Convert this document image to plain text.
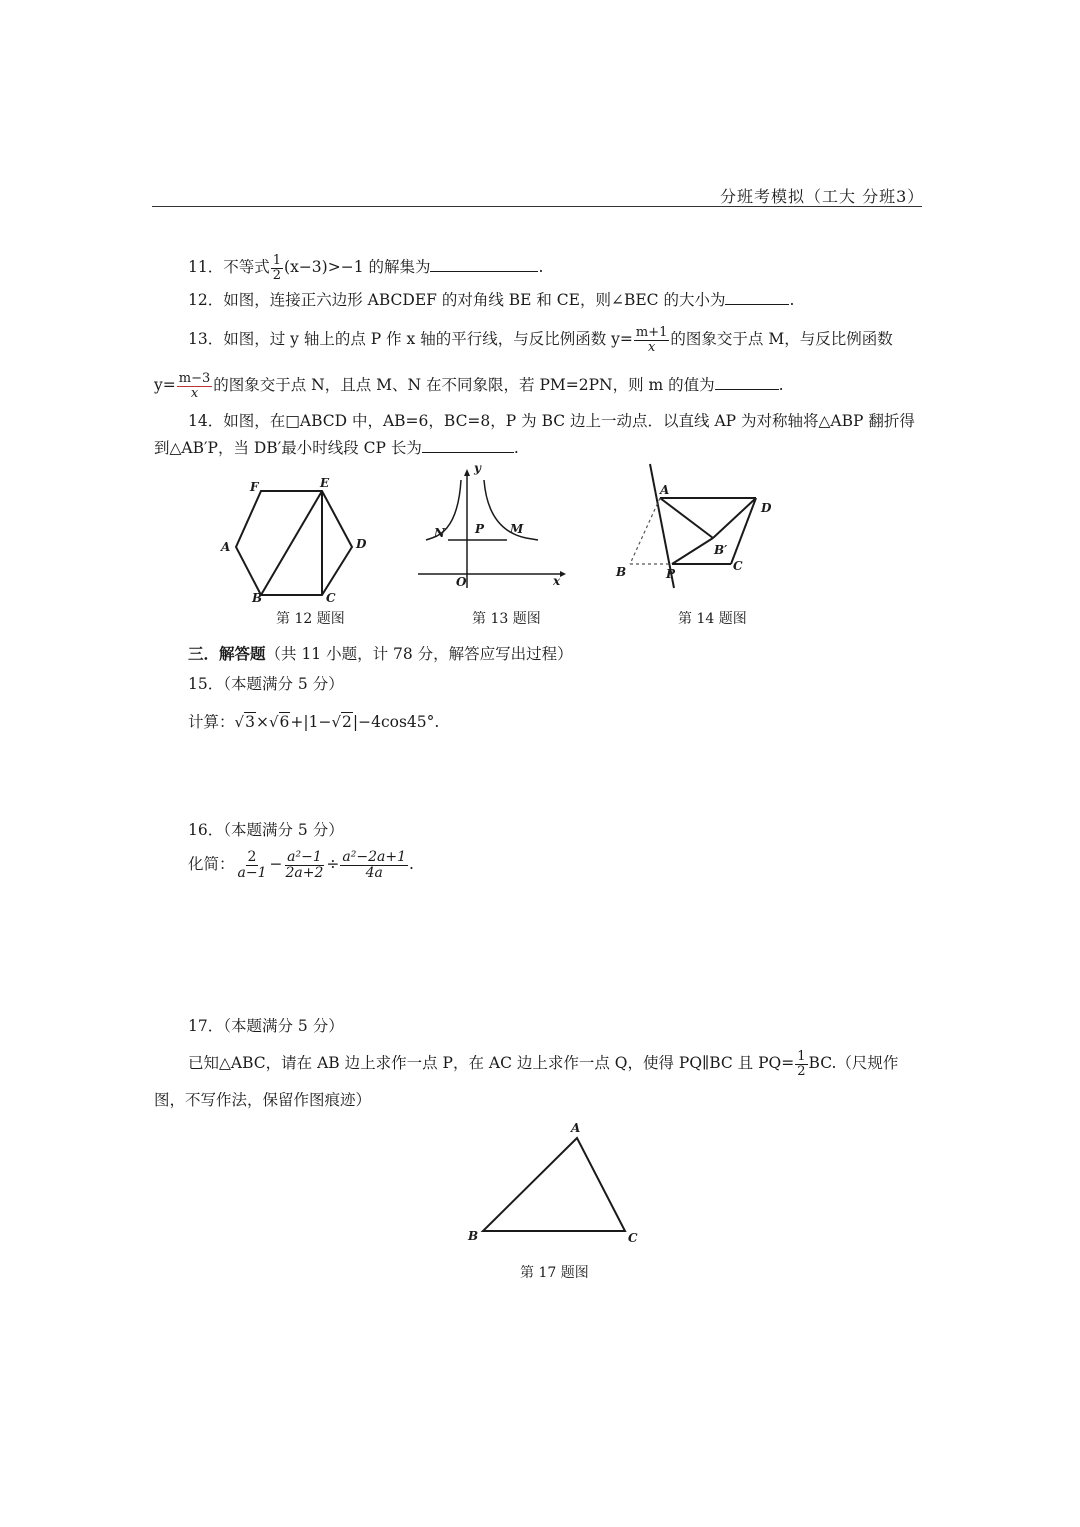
分班考模拟（工大 分班3）
11．不等式 $\frac{1}{2} (x-3)>-1$ 的解集为	.
12．如图，连接正六边形 ABCDEF 的对角线 BE 和 CE，则∠BEC 的大小为	.
13．如图，过 y 轴上的点 P 作 x 轴的平行线，与反比例函数 $y= \frac{m+1}{x}$ 的图象交于点 M，与反比例函数
$y= \frac{m-3}{x}$ 的图象交于点 N，且点 M、N 在不同象限，若 PM=2PN，则 m 的值为	.
14．如图，在□ABCD 中，AB=6，BC=8，P 为 BC 边上一动点．以直线 AP 为对称轴将△ABP 翻折得
到△AB′P，当 DB′最小时线段 CP 长为	.
F	E
A	D
B	C
第 12 题图
y
x
O
N	P M
第 13 题图
A
D
B′
C
B	P
第 14 题图
三．解答题（共 11 小题，计 78 分，解答应写出过程）
15．（本题满分 5 分）
计算：√3×√6+|1−√2|−4cos45°.
16．（本题满分 5 分）
化简： $\frac{2}{a-1} - \frac{\text{a²−1}}{2a+2} \div \frac{\text{a²−2a+1}}{4a}$ .
17．（本题满分 5 分）
已知△ABC，请在 AB 边上求作一点 P，在 AC 边上求作一点 Q，使得 PQ∥BC 且 $PQ= \frac{1}{2} BC$.（尺规作
图，不写作法，保留作图痕迹）
A
B	C
第 17 题图
